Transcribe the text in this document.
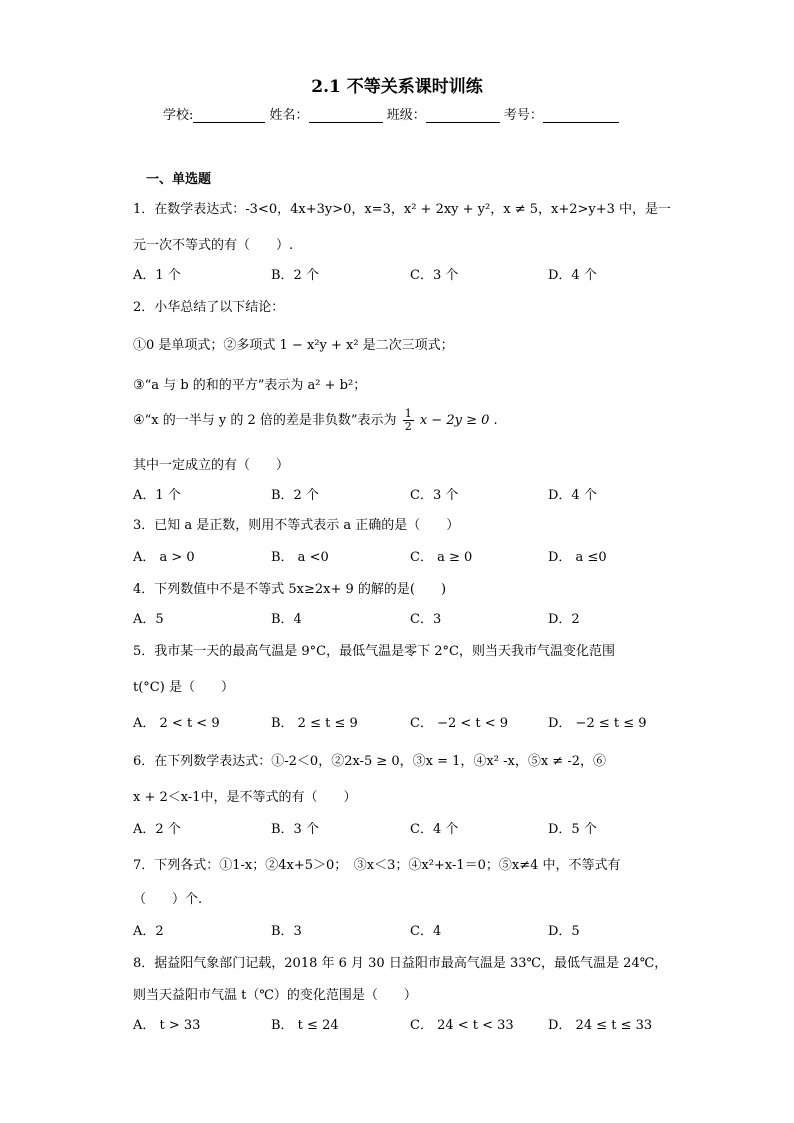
2.1 不等关系课时训练
学校:	姓名：	班级：	考号：
一、单选题
1．在数学表达式：-3<0，4x+3y>0，x=3，x² + 2xy + y²，x ≠ 5，x+2>y+3 中，是一
元一次不等式的有（　　）.
A．1 个	B．2 个	C．3 个	D．4 个
2．小华总结了以下结论：
①0 是单项式；②多项式 1 − x²y + x² 是二次三项式；
③“a 与 b 的和的平方”表示为 a² + b²；
④“x 的一半与 y 的 2 倍的差是非负数”表示为 $\frac{1}{2}$ x − 2y ≥ 0 .
其中一定成立的有（　　）
A．1 个	B．2 个	C．3 个	D．4 个
3．已知 a 是正数，则用不等式表示 a 正确的是（　　）
A． a > 0	B． a <0	C． a ≥ 0	D． a ≤0
4．下列数值中不是不等式 5x≥2x+ 9 的解的是(　　)
A．5	B．4	C．3	D．2
5．我市某一天的最高气温是 9°C，最低气温是零下 2°C，则当天我市气温变化范围
t(°C) 是（　　）
A． 2 < t < 9	B． 2 ≤ t ≤ 9	C． −2 < t < 9	D． −2 ≤ t ≤ 9
6．在下列数学表达式：①-2＜0，②2x-5 ≥ 0，③x = 1，④x² -x，⑤x ≠ -2，⑥
x + 2＜x-1中，是不等式的有（　　）
A．2 个	B．3 个	C．4 个	D．5 个
7．下列各式：①1-x；②4x+5＞0；　③x＜3；④x²+x-1＝0；⑤x≠4 中，不等式有
（　　）个.
A．2	B．3	C．4	D．5
8．据益阳气象部门记载，2018 年 6 月 30 日益阳市最高气温是 33℃，最低气温是 24℃，
则当天益阳市气温 t（℃）的变化范围是（　　）
A． t > 33	B． t ≤ 24	C． 24 < t < 33	D． 24 ≤ t ≤ 33
